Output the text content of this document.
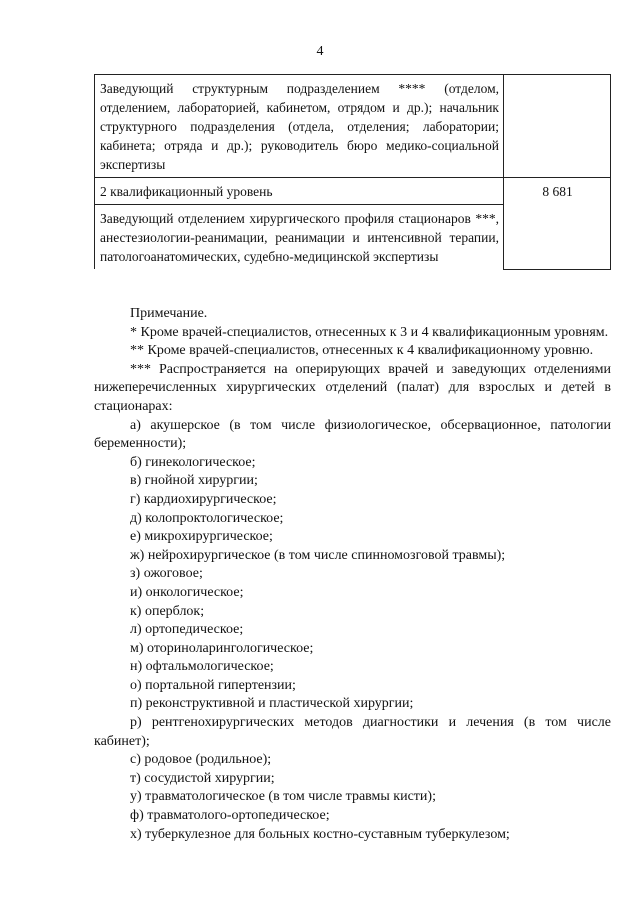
4
Заведующий структурным подразделением **** (отделом, отделением, лабораторией, кабинетом, отрядом и др.); начальник структурного подразделения (отдела, отделения; лаборатории; кабинета; отряда и др.); руководитель бюро медико-социальной экспертизы	
2 квалификационный уровень	8 681
Заведующий отделением хирургического профиля стационаров ***, анестезиологии-реанимации, реанимации и интенсивной терапии, патологоанатомических, судебно-медицинской экспертизы	

Примечание.

* Кроме врачей-специалистов, отнесенных к 3 и 4 квалификационным уровням.

** Кроме врачей-специалистов, отнесенных к 4 квалификационному уровню.

*** Распространяется на оперирующих врачей и заведующих отделениями нижеперечисленных хирургических отделений (палат) для взрослых и детей в стационарах:

а) акушерское (в том числе физиологическое, обсервационное, патологии беременности);

б) гинекологическое;

в) гнойной хирургии;

г) кардиохирургическое;

д) колопроктологическое;

е) микрохирургическое;

ж) нейрохирургическое (в том числе спинномозговой травмы);

з) ожоговое;

и) онкологическое;

к) оперблок;

л) ортопедическое;

м) оториноларингологическое;

н) офтальмологическое;

о) портальной гипертензии;

п) реконструктивной и пластической хирургии;

р) рентгенохирургических методов диагностики и лечения (в том числе кабинет);

с) родовое (родильное);

т) сосудистой хирургии;

у) травматологическое (в том числе травмы кисти);

ф) травматолого-ортопедическое;

х) туберкулезное для больных костно-суставным туберкулезом;
